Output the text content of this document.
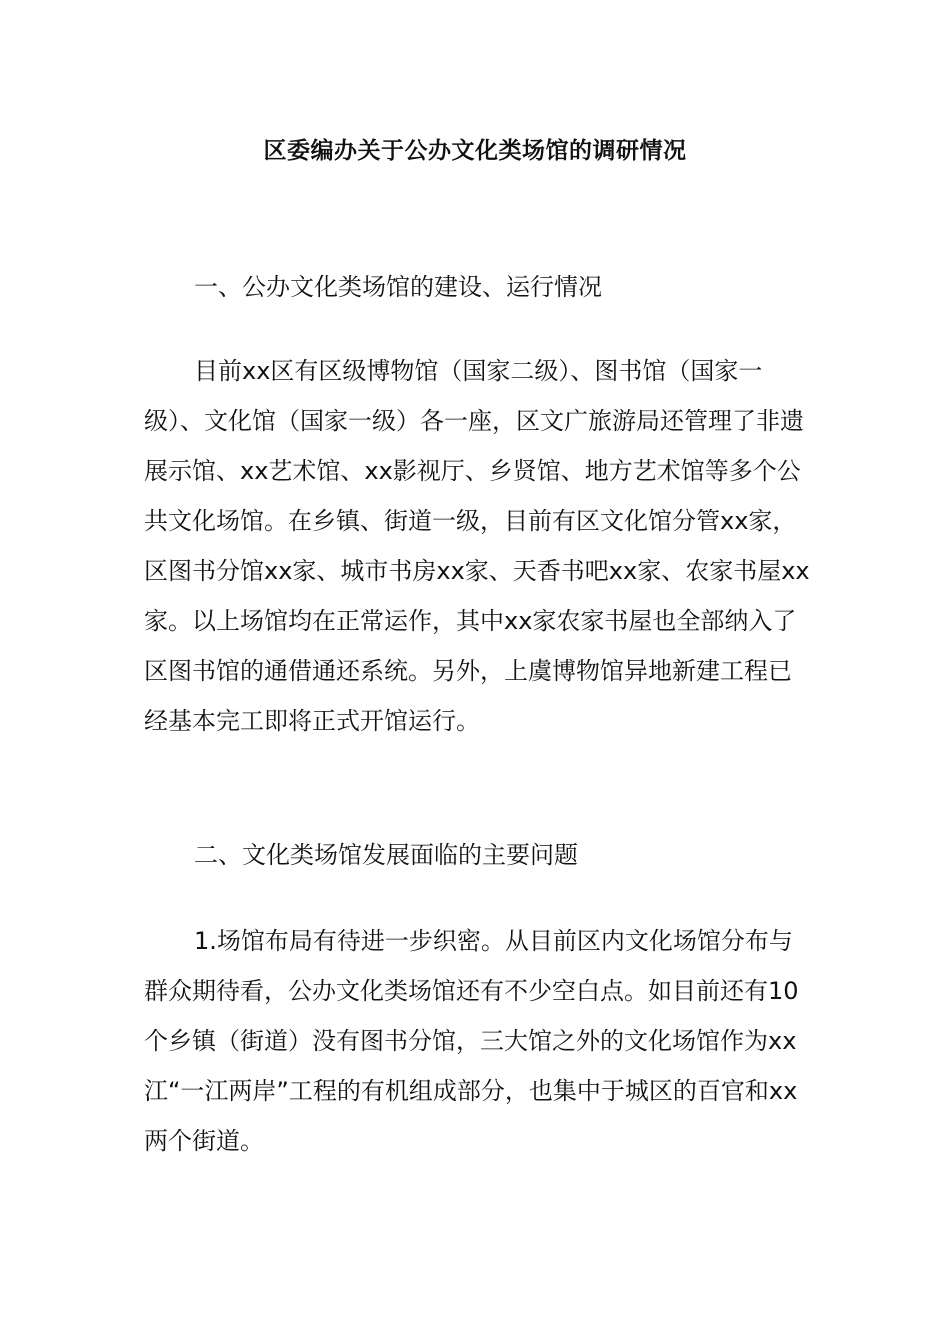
区委编办关于公办文化类场馆的调研情况

一、公办文化类场馆的建设、运行情况

目前xx区有区级博物馆（国家二级）、图书馆（国家一级）、文化馆（国家一级）各一座，区文广旅游局还管理了非遗展示馆、xx艺术馆、xx影视厅、乡贤馆、地方艺术馆等多个公共文化场馆。在乡镇、街道一级，目前有区文化馆分管xx家，区图书分馆xx家、城市书房xx家、天香书吧xx家、农家书屋xx家。以上场馆均在正常运作，其中xx家农家书屋也全部纳入了区图书馆的通借通还系统。另外，上虞博物馆异地新建工程已经基本完工即将正式开馆运行。

二、文化类场馆发展面临的主要问题

1.场馆布局有待进一步织密。从目前区内文化场馆分布与群众期待看，公办文化类场馆还有不少空白点。如目前还有10个乡镇（街道）没有图书分馆，三大馆之外的文化场馆作为xx江“一江两岸”工程的有机组成部分，也集中于城区的百官和xx两个街道。
